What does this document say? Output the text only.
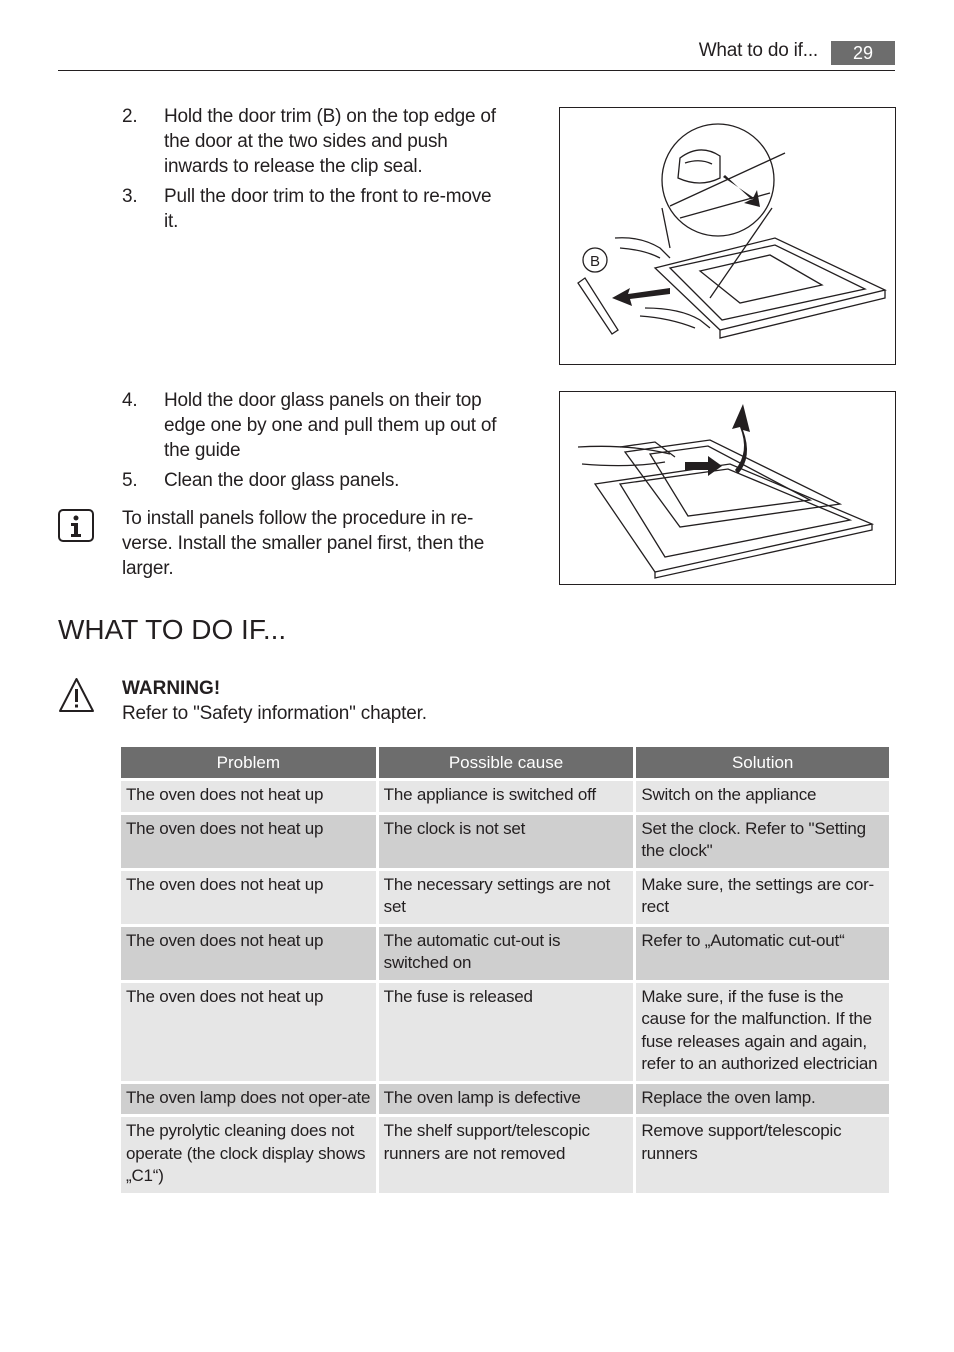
What to do if...	29
2. Hold the door trim (B) on the top edge of the door at the two sides and push inwards to release the clip seal.
3. Pull the door trim to the front to re-move it.
B
4. Hold the door glass panels on their top edge one by one and pull them up out of the guide
5. Clean the door glass panels.
To install panels follow the procedure in re-verse. Install the smaller panel first, then the larger.
WHAT TO DO IF...
WARNING!
Refer to "Safety information" chapter.
Problem	Possible cause	Solution
The oven does not heat up	The appliance is switched off	Switch on the appliance
The oven does not heat up	The clock is not set	Set the clock. Refer to "Setting the clock"
The oven does not heat up	The necessary settings are not set	Make sure, the settings are cor-rect
The oven does not heat up	The automatic cut-out is switched on	Refer to „Automatic cut-out“
The oven does not heat up	The fuse is released	Make sure, if the fuse is the cause for the malfunction. If the fuse releases again and again, refer to an authorized electrician
The oven lamp does not oper-ate	The oven lamp is defective	Replace the oven lamp.
The pyrolytic cleaning does not operate (the clock display shows „C1“)	The shelf support/telescopic runners are not removed	Remove support/telescopic runners
